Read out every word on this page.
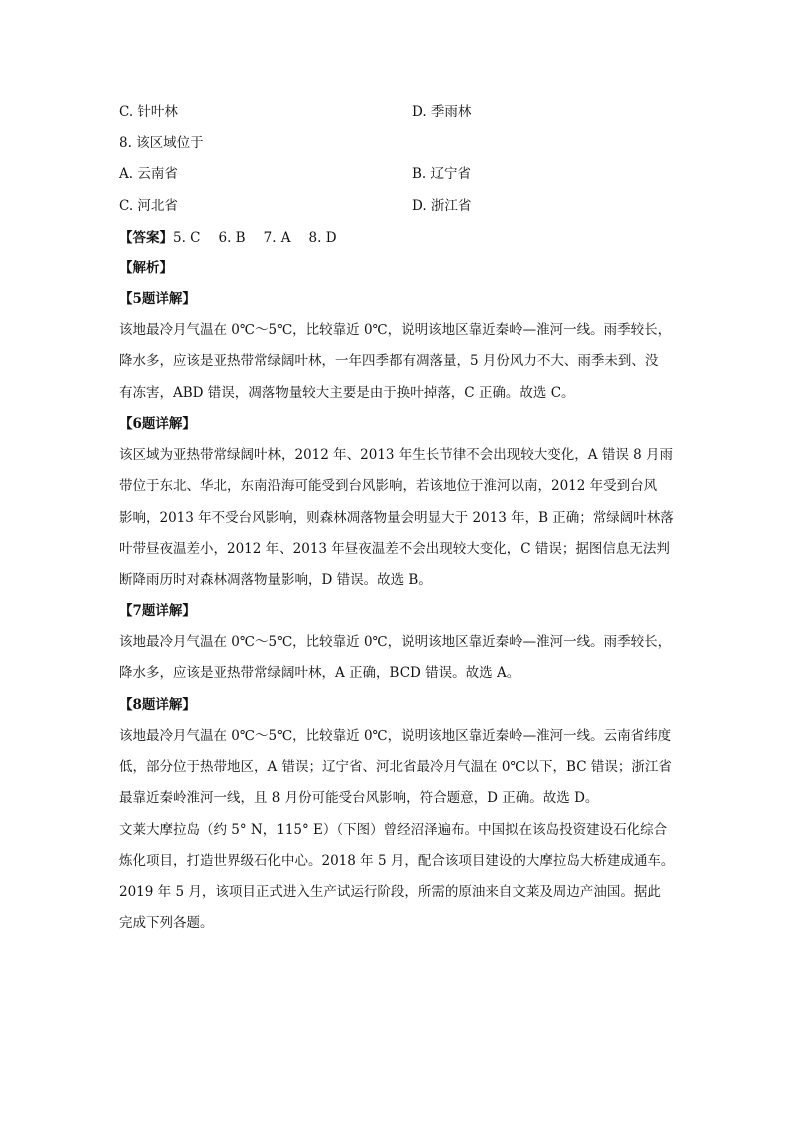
C. 针叶林	D. 季雨林
8. 该区域位于
A. 云南省	B. 辽宁省
C. 河北省	D. 浙江省
【答案】5. C 6. B 7. A 8. D
【解析】
【5题详解】
该地最冷月气温在 0℃～5℃，比较靠近 0℃，说明该地区靠近秦岭—淮河一线。雨季较长，
降水多，应该是亚热带常绿阔叶林，一年四季都有凋落量，5 月份风力不大、雨季未到、没
有冻害，ABD 错误，凋落物量较大主要是由于换叶掉落，C 正确。故选 C。
【6题详解】
该区域为亚热带常绿阔叶林，2012 年、2013 年生长节律不会出现较大变化，A 错误 8 月雨
带位于东北、华北，东南沿海可能受到台风影响，若该地位于淮河以南，2012 年受到台风
影响，2013 年不受台风影响，则森林凋落物量会明显大于 2013 年，B 正确；常绿阔叶林落
叶带昼夜温差小，2012 年、2013 年昼夜温差不会出现较大变化，C 错误；据图信息无法判
断降雨历时对森林凋落物量影响，D 错误。故选 B。
【7题详解】
该地最冷月气温在 0℃～5℃，比较靠近 0℃，说明该地区靠近秦岭—淮河一线。雨季较长，
降水多，应该是亚热带常绿阔叶林，A 正确，BCD 错误。故选 A。
【8题详解】
该地最冷月气温在 0℃～5℃，比较靠近 0℃，说明该地区靠近秦岭—淮河一线。云南省纬度
低，部分位于热带地区，A 错误；辽宁省、河北省最冷月气温在 0℃以下，BC 错误；浙江省
最靠近秦岭淮河一线，且 8 月份可能受台风影响，符合题意，D 正确。故选 D。
文莱大摩拉岛（约 5° N，115° E）（下图）曾经沼泽遍布。中国拟在该岛投资建设石化综合
炼化项目，打造世界级石化中心。2018 年 5 月，配合该项目建设的大摩拉岛大桥建成通车。
2019 年 5 月，该项目正式进入生产试运行阶段，所需的原油来自文莱及周边产油国。据此
完成下列各题。
